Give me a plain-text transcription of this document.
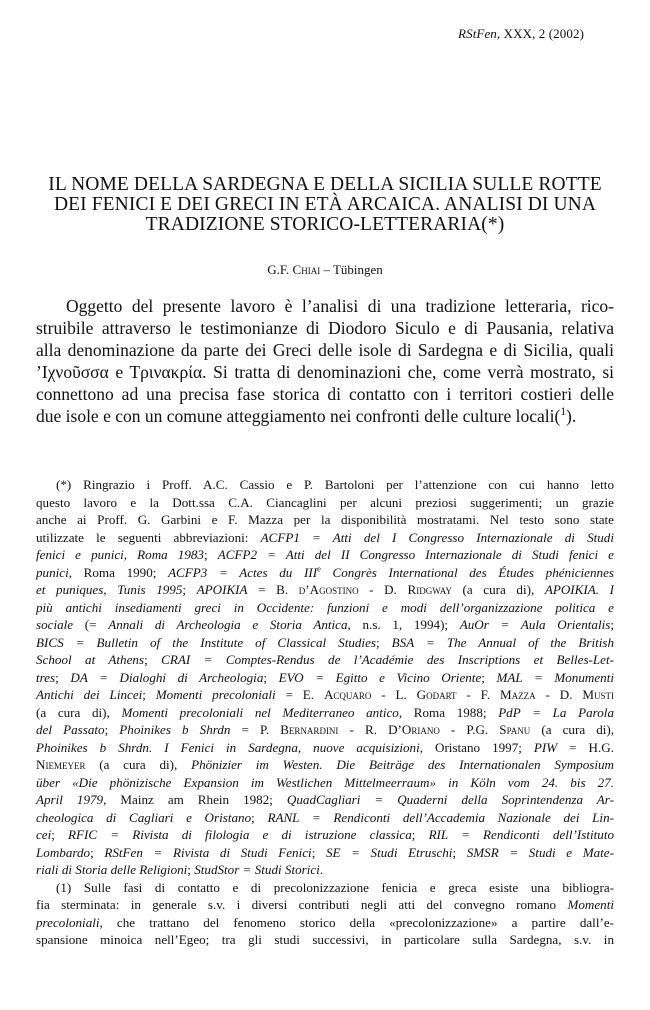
RStFen, XXX, 2 (2002)
IL NOME DELLA SARDEGNA E DELLA SICILIA SULLE ROTTE
DEI FENICI E DEI GRECI IN ETÀ ARCAICA. ANALISI DI UNA
TRADIZIONE STORICO-LETTERARIA(*)
G.F. Chiai – Tübingen
Oggetto del presente lavoro è l’analisi di una tradizione letteraria, rico-
struibile attraverso le testimonianze di Diodoro Siculo e di Pausania, relativa
alla denominazione da parte dei Greci delle isole di Sardegna e di Sicilia, quali
’Iχνοῦσσα e Tρινακρία. Si tratta di denominazioni che, come verrà mostrato, si
connettono ad una precisa fase storica di contatto con i territori costieri delle
due isole e con un comune atteggiamento nei confronti delle culture locali($^1$).
(*) Ringrazio i Proff. A.C. Cassio e P. Bartoloni per l’attenzione con cui hanno letto
questo lavoro e la Dott.ssa C.A. Ciancaglini per alcuni preziosi suggerimenti; un grazie
anche ai Proff. G. Garbini e F. Mazza per la disponibilità mostratami. Nel testo sono state
utilizzate le seguenti abbreviazioni: ACFP1 = Atti del I Congresso Internazionale di Studi
fenici e punici, Roma 1983; ACFP2 = Atti del II Congresso Internazionale di Studi fenici e
punici, Roma 1990; ACFP3 = Actes du IIIe Congrès International des Études phéniciennes
et puniques, Tunis 1995; APOIKIA = B. d’Agostino - D. Ridgway (a cura di), APOIKIA. I
più antichi insediamenti greci in Occidente: funzioni e modi dell’organizzazione politica e
sociale (= Annali di Archeologia e Storia Antica, n.s. 1, 1994); AuOr = Aula Orientalis;
BICS = Bulletin of the Institute of Classical Studies; BSA = The Annual of the British
School at Athens; CRAI = Comptes-Rendus de l’Académie des Inscriptions et Belles-Let-
tres; DA = Dialoghi di Archeologia; EVO = Egitto e Vicino Oriente; MAL = Monumenti
Antichi dei Lincei; Momenti precoloniali = E. Acquaro - L. Godart - F. Mazza - D. Musti
(a cura di), Momenti precoloniali nel Mediterraneo antico, Roma 1988; PdP = La Parola
del Passato; Phoinikes b Shrdn = P. Bernardini - R. D’Oriano - P.G. Spanu (a cura di),
Phoinikes b Shrdn. I Fenici in Sardegna, nuove acquisizioni, Oristano 1997; PIW = H.G.
Niemeyer (a cura di), Phönizier im Westen. Die Beiträge des Internationalen Symposium
über «Die phönizische Expansion im Westlichen Mittelmeerraum» in Köln vom 24. bis 27.
April 1979, Mainz am Rhein 1982; QuadCagliari = Quaderni della Soprintendenza Ar-
cheologica di Cagliari e Oristano; RANL = Rendiconti dell’Accademia Nazionale dei Lin-
cei; RFIC = Rivista di filologia e di istruzione classica; RIL = Rendiconti dell’Istituto
Lombardo; RStFen = Rivista di Studi Fenici; SE = Studi Etruschi; SMSR = Studi e Mate-
riali di Storia delle Religioni; StudStor = Studi Storici.
(1) Sulle fasi di contatto e di precolonizzazione fenicia e greca esiste una bibliogra-
fia sterminata: in generale s.v. i diversi contributi negli atti del convegno romano Momenti
precoloniali, che trattano del fenomeno storico della «precolonizzazione» a partire dall’e-
spansione minoica nell’Egeo; tra gli studi successivi, in particolare sulla Sardegna, s.v. in
